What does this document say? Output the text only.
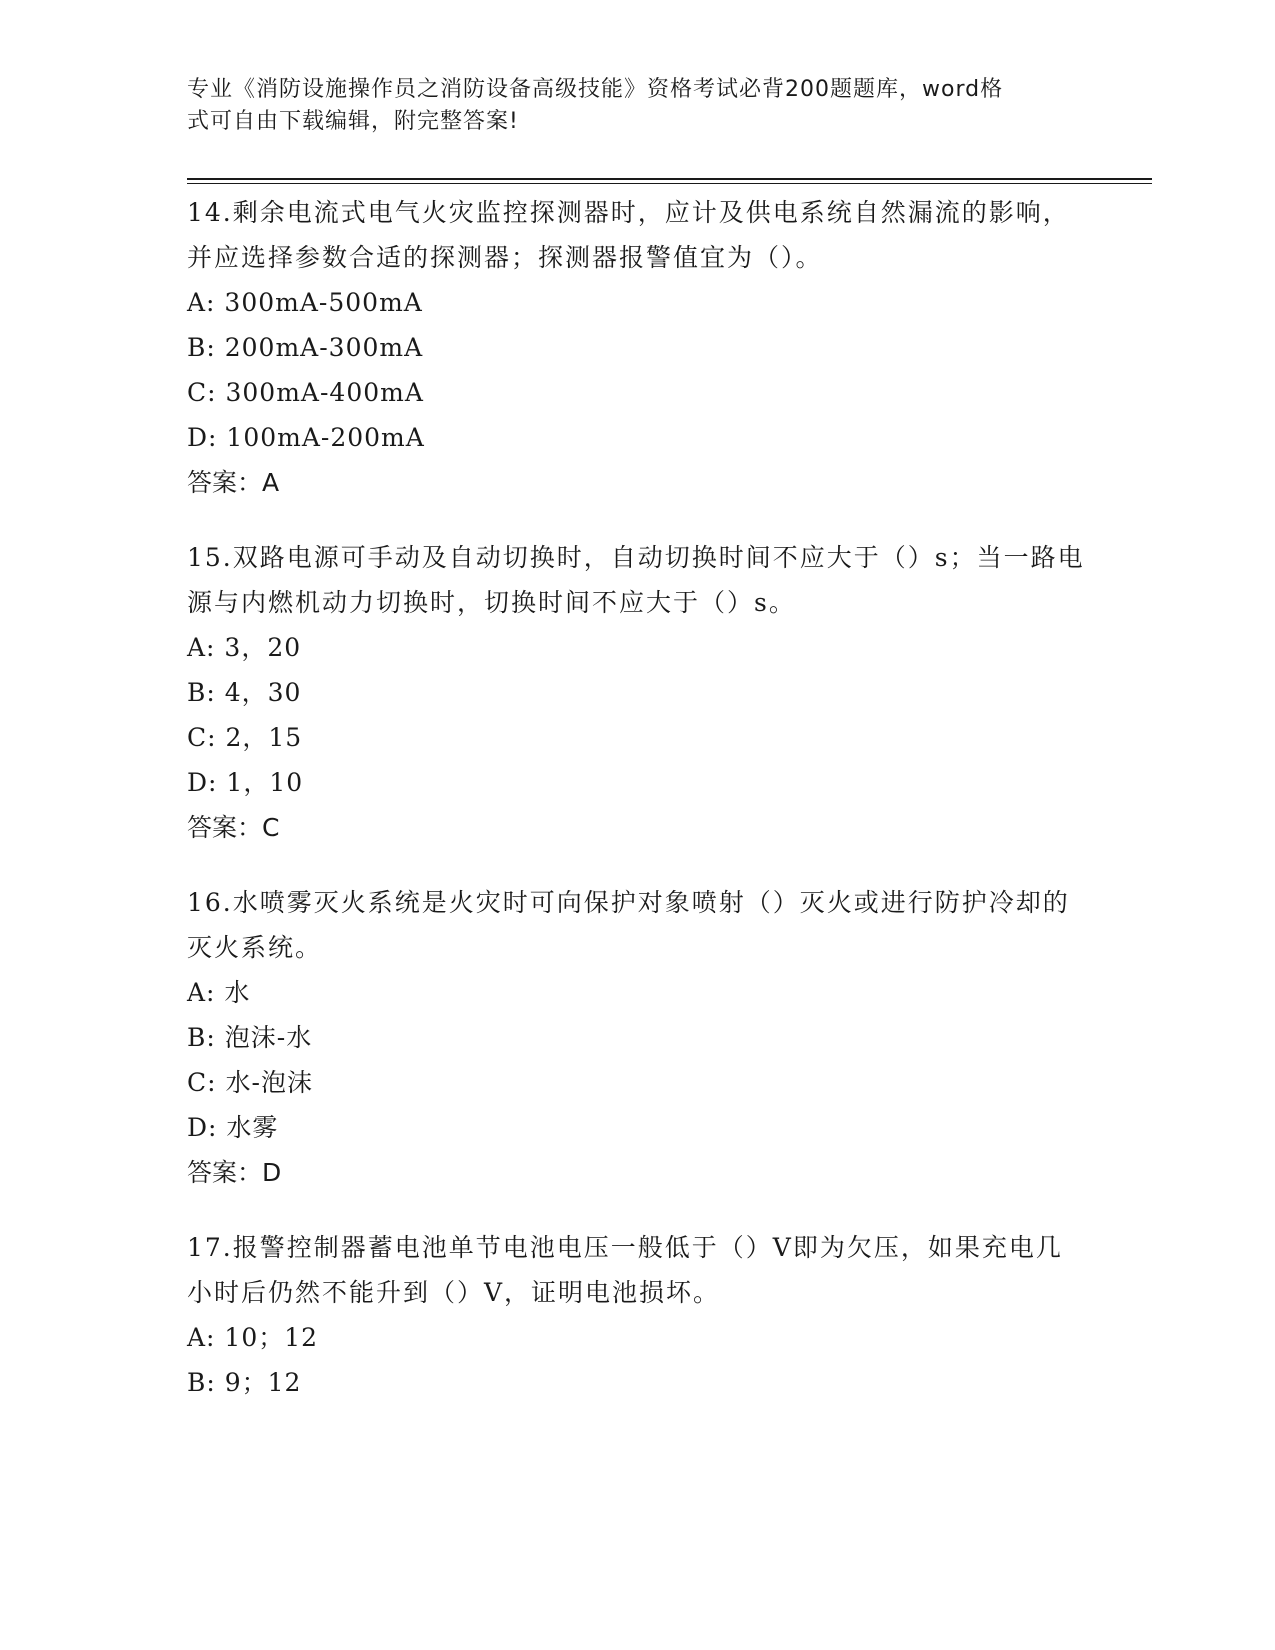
专业《消防设施操作员之消防设备高级技能》资格考试必背200题题库，word格
式可自由下载编辑，附完整答案!

14.剩余电流式电气火灾监控探测器时，应计及供电系统自然漏流的影响，并应选择参数合适的探测器；探测器报警值宜为（）。

A: 300mA-500mA

B: 200mA-300mA

C: 300mA-400mA

D: 100mA-200mA

答案：A

15.双路电源可手动及自动切换时，自动切换时间不应大于（）s；当一路电源与内燃机动力切换时，切换时间不应大于（）s。

A: 3，20

B: 4，30

C: 2，15

D: 1，10

答案：C

16.水喷雾灭火系统是火灾时可向保护对象喷射（）灭火或进行防护冷却的灭火系统。

A: 水

B: 泡沫-水

C: 水-泡沫

D: 水雾

答案：D

17.报警控制器蓄电池单节电池电压一般低于（）V即为欠压，如果充电几小时后仍然不能升到（）V，证明电池损坏。

A: 10；12

B: 9；12
